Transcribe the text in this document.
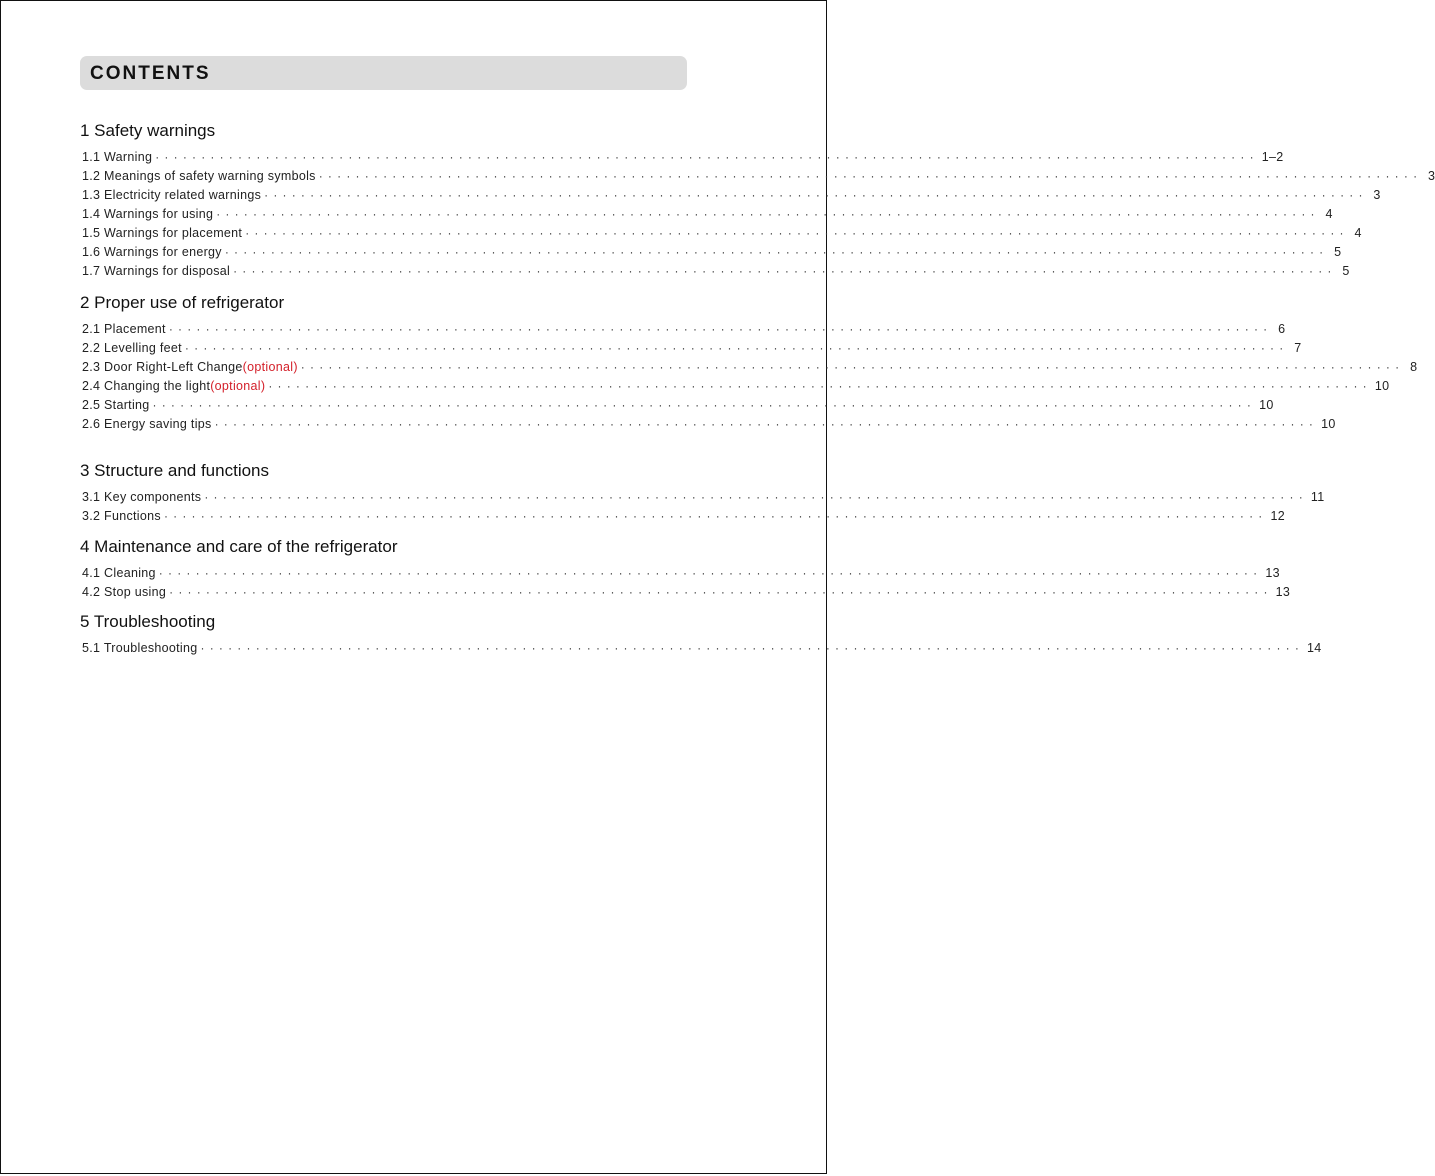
CONTENTS
1 Safety warnings
1.1 Warning ························································································································ 1–2
1.2 Meanings of safety warning symbols ························································································································ 3
1.3 Electricity related warnings ························································································································ 3
1.4 Warnings for using ························································································································ 4
1.5 Warnings for placement ························································································································ 4
1.6 Warnings for energy ························································································································ 5
1.7 Warnings for disposal ························································································································ 5
2 Proper use of refrigerator
2.1 Placement ························································································································ 6
2.2 Levelling feet ························································································································ 7
2.3 Door Right-Left Change(optional) ························································································································ 8
2.4 Changing the light(optional) ························································································································ 10
2.5 Starting ························································································································ 10
2.6 Energy saving tips ························································································································ 10
3 Structure and functions
3.1 Key components ························································································································ 11
3.2 Functions ························································································································ 12
4 Maintenance and care of the refrigerator
4.1 Cleaning ························································································································ 13
4.2 Stop using ························································································································ 13
5 Troubleshooting
5.1 Troubleshooting ························································································································ 14
